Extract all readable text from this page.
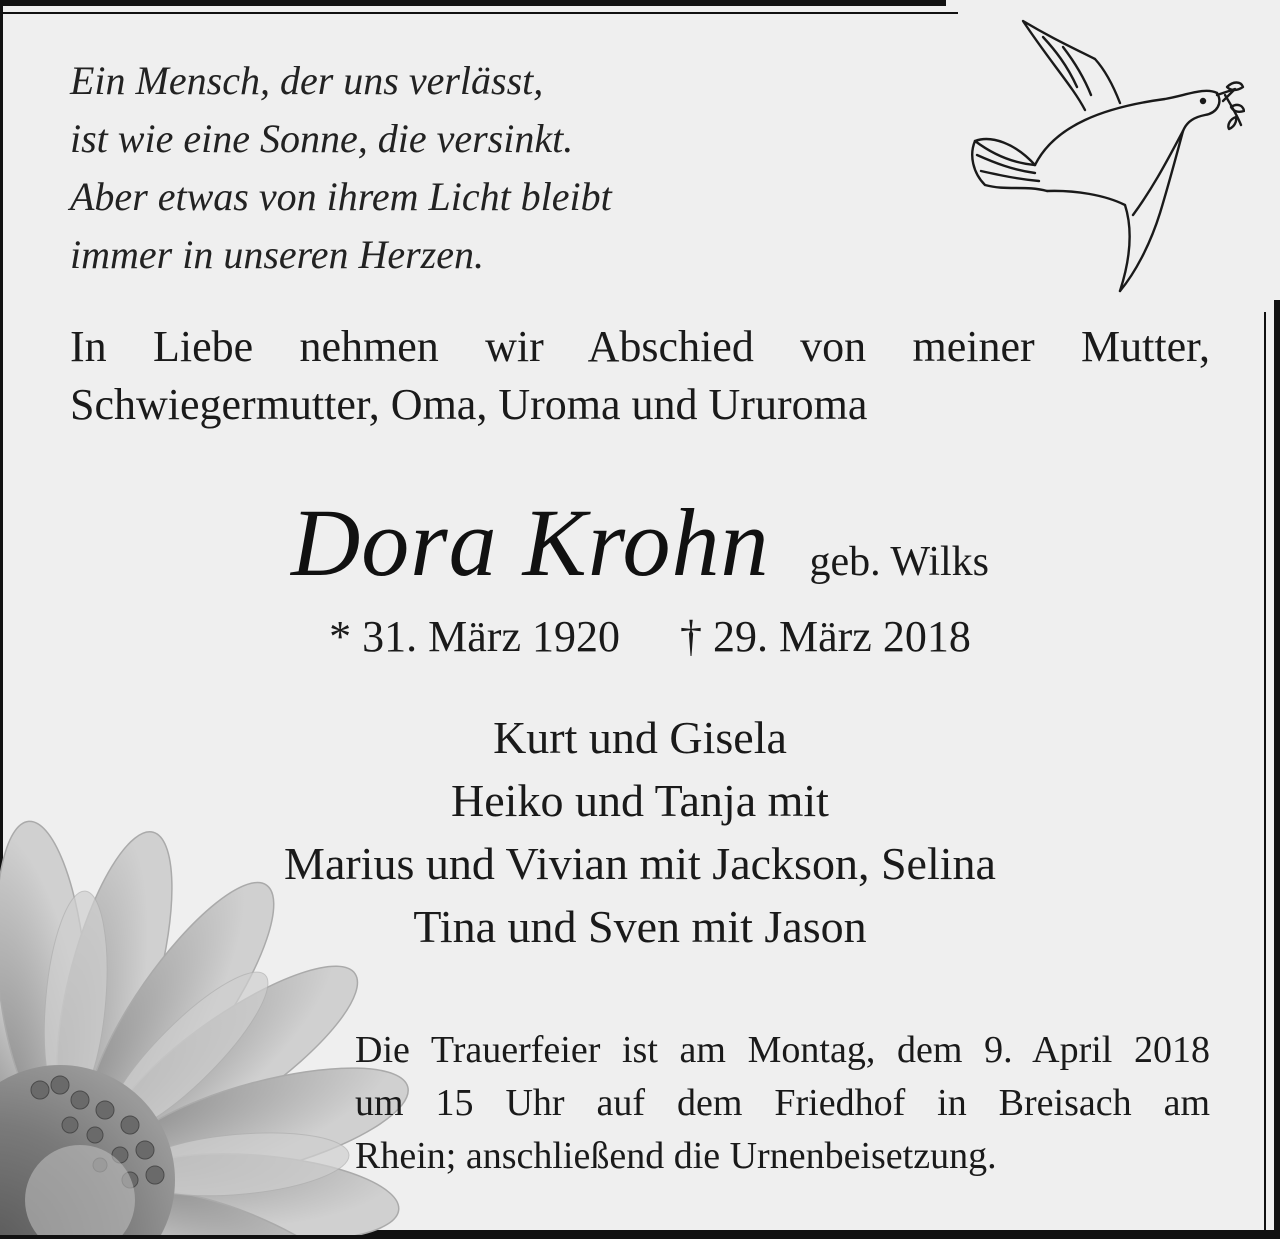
Ein Mensch, der uns verlässt,
ist wie eine Sonne, die versinkt.
Aber etwas von ihrem Licht bleibt
immer in unseren Herzen.
In Liebe nehmen wir Abschied von meiner Mutter,
Schwiegermutter, Oma, Uroma und Ururoma
Dora Krohn geb. Wilks
* 31. März 1920 † 29. März 2018
Kurt und Gisela
Heiko und Tanja mit
Marius und Vivian mit Jackson, Selina
Tina und Sven mit Jason
Die Trauerfeier ist am Montag, dem 9. April 2018
um 15 Uhr auf dem Friedhof in Breisach am
Rhein; anschließend die Urnenbeisetzung.
